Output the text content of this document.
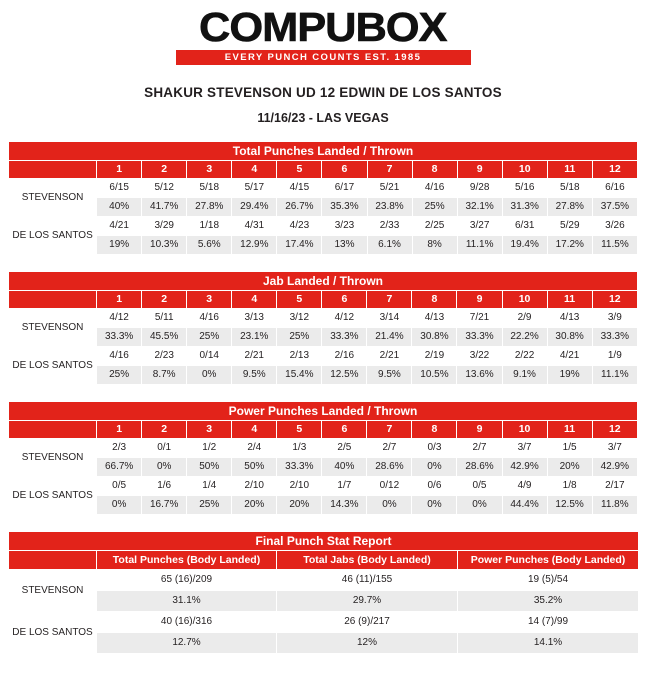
COMPUBOX
EVERY PUNCH COUNTS EST. 1985
SHAKUR STEVENSON UD 12 EDWIN DE LOS SANTOS
11/16/23 - LAS VEGAS
Total Punches Landed / Thrown												
	1	2	3	4	5	6	7	8	9	10	11	12
STEVENSON	6/15	5/12	5/18	5/17	4/15	6/17	5/21	4/16	9/28	5/16	5/18	6/16
	40%	41.7%	27.8%	29.4%	26.7%	35.3%	23.8%	25%	32.1%	31.3%	27.8%	37.5%
DE LOS SANTOS	4/21	3/29	1/18	4/31	4/23	3/23	2/33	2/25	3/27	6/31	5/29	3/26
	19%	10.3%	5.6%	12.9%	17.4%	13%	6.1%	8%	11.1%	19.4%	17.2%	11.5%
Jab Landed / Thrown												
	1	2	3	4	5	6	7	8	9	10	11	12
STEVENSON	4/12	5/11	4/16	3/13	3/12	4/12	3/14	4/13	7/21	2/9	4/13	3/9
	33.3%	45.5%	25%	23.1%	25%	33.3%	21.4%	30.8%	33.3%	22.2%	30.8%	33.3%
DE LOS SANTOS	4/16	2/23	0/14	2/21	2/13	2/16	2/21	2/19	3/22	2/22	4/21	1/9
	25%	8.7%	0%	9.5%	15.4%	12.5%	9.5%	10.5%	13.6%	9.1%	19%	11.1%
Power Punches Landed / Thrown												
	1	2	3	4	5	6	7	8	9	10	11	12
STEVENSON	2/3	0/1	1/2	2/4	1/3	2/5	2/7	0/3	2/7	3/7	1/5	3/7
	66.7%	0%	50%	50%	33.3%	40%	28.6%	0%	28.6%	42.9%	20%	42.9%
DE LOS SANTOS	0/5	1/6	1/4	2/10	2/10	1/7	0/12	0/6	0/5	4/9	1/8	2/17
	0%	16.7%	25%	20%	20%	14.3%	0%	0%	0%	44.4%	12.5%	11.8%
Final Punch Stat Report			
	Total Punches (Body Landed)	Total Jabs (Body Landed)	Power Punches (Body Landed)
STEVENSON	65 (16)/209	46 (11)/155	19 (5)/54
	31.1%	29.7%	35.2%
DE LOS SANTOS	40 (16)/316	26 (9)/217	14 (7)/99
	12.7%	12%	14.1%
